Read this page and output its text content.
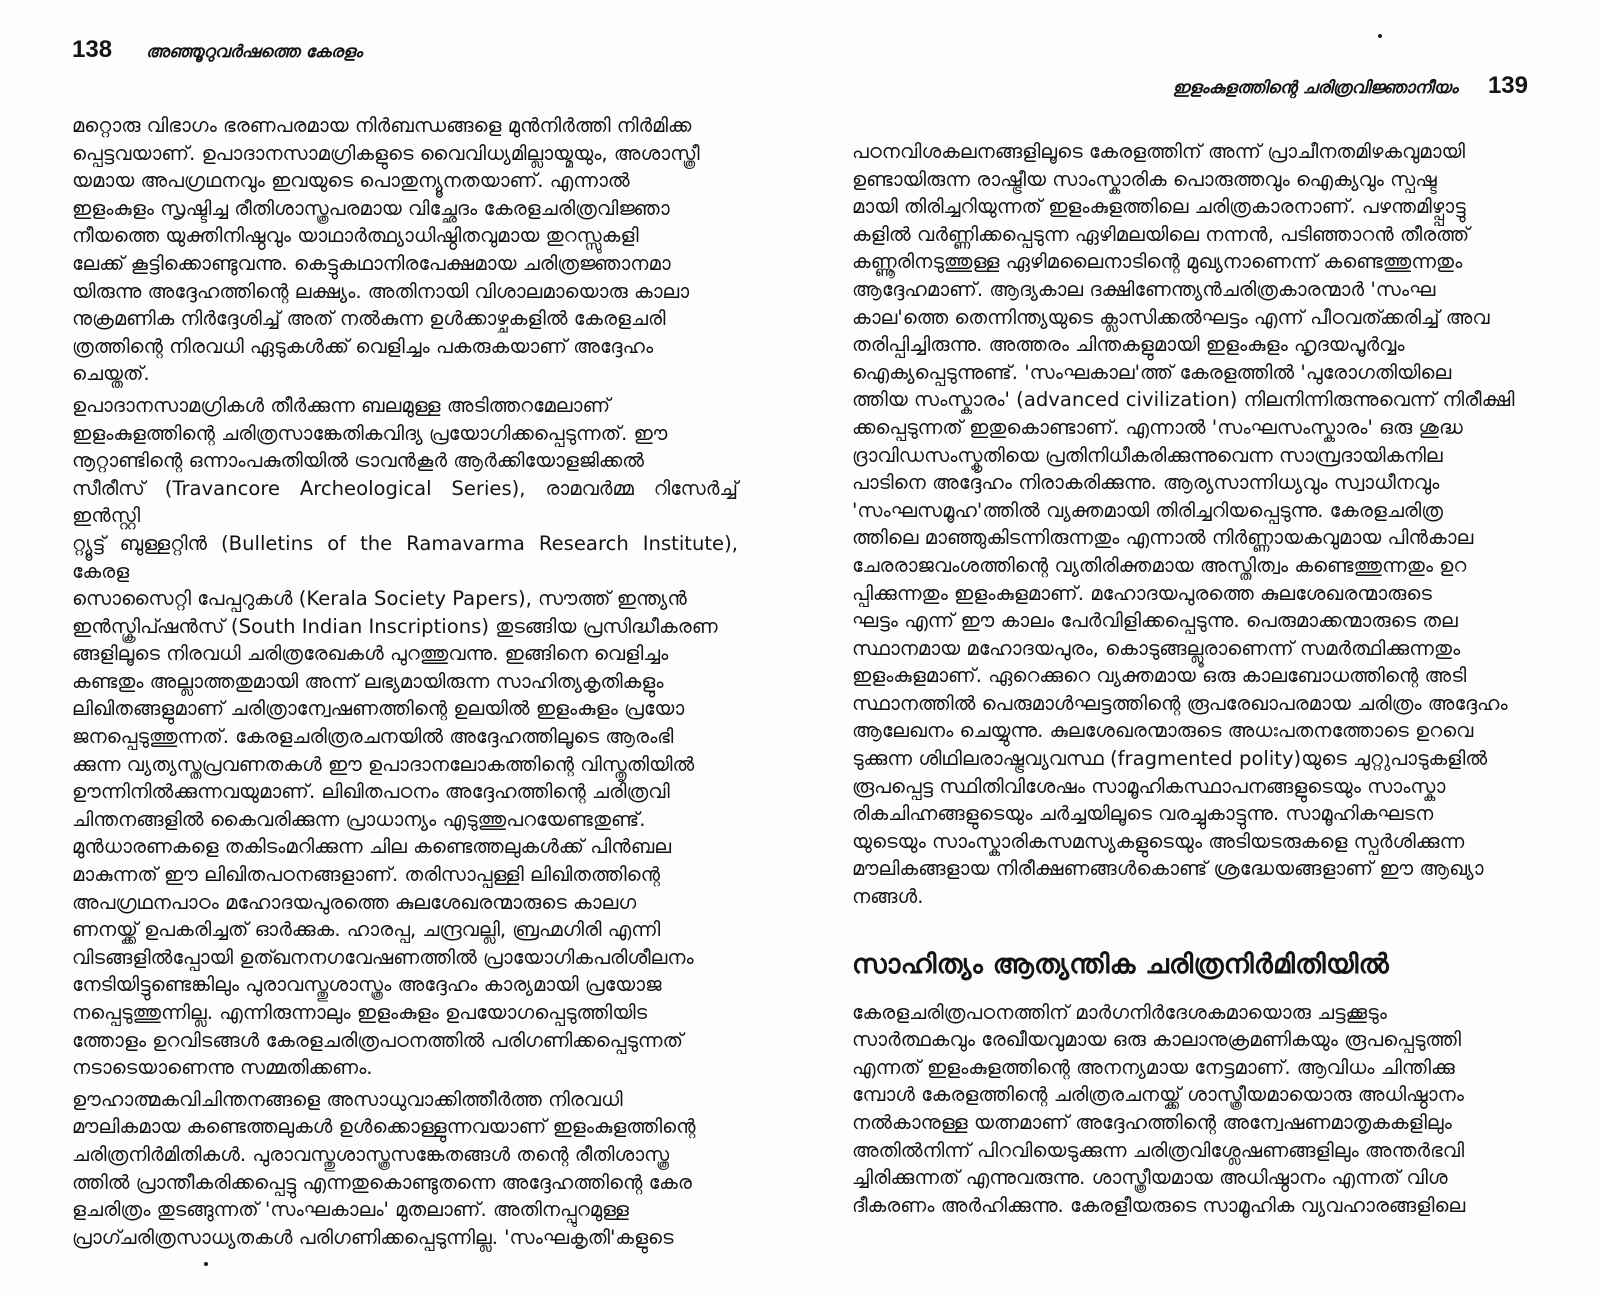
138 അഞ്ഞൂറുവർഷത്തെ കേരളം

മറ്റൊരു വിഭാഗം ഭരണപരമായ നിർബന്ധങ്ങളെ മുൻനിർത്തി നിർമിക്ക
പ്പെട്ടവയാണ്. ഉപാദാനസാമഗ്രികളുടെ വൈവിധ്യമില്ലായ്മയും, അശാസ്ത്രീ
യമായ അപഗ്രഥനവും ഇവയുടെ പൊതുന്യൂനതയാണ്. എന്നാൽ
ഇളംകുളം സൃഷ്ടിച്ച രീതിശാസ്ത്രപരമായ വിച്ഛേദം കേരളചരിത്രവിജ്ഞാ
നീയത്തെ യുക്തിനിഷ്ഠവും യാഥാർത്ഥ്യാധിഷ്ഠിതവുമായ തുറസ്സുകളി
ലേക്ക് കൂട്ടിക്കൊണ്ടുവന്നു. കെട്ടുകഥാനിരപേക്ഷമായ ചരിത്രജ്ഞാനമാ
യിരുന്നു അദ്ദേഹത്തിന്റെ ലക്ഷ്യം. അതിനായി വിശാലമായൊരു കാലാ
നുക്രമണിക നിർദ്ദേശിച്ച് അത് നൽകുന്ന ഉൾക്കാഴ്ചകളിൽ കേരളചരി
ത്രത്തിന്റെ നിരവധി ഏടുകൾക്ക് വെളിച്ചം പകരുകയാണ് അദ്ദേഹം
ചെയ്തത്.

ഉപാദാനസാമഗ്രികൾ തീർക്കുന്ന ബലമുള്ള അടിത്തറമേലാണ്
ഇളംകുളത്തിന്റെ ചരിത്രസാങ്കേതികവിദ്യ പ്രയോഗിക്കപ്പെടുന്നത്. ഈ
നൂറ്റാണ്ടിന്റെ ഒന്നാംപകുതിയിൽ ട്രാവൻകൂർ ആർക്കിയോളജിക്കൽ
സീരീസ് (Travancore Archeological Series), രാമവർമ്മ റിസേർച്ച് ഇൻസ്റ്റി
റ്റ്യൂട്ട് ബുള്ളറ്റിൻ (Bulletins of the Ramavarma Research Institute), കേരള
സൊസൈറ്റി പേപ്പറുകൾ (Kerala Society Papers), സൗത്ത് ഇന്ത്യൻ
ഇൻസ്ക്രിപ്ഷൻസ് (South Indian Inscriptions) തുടങ്ങിയ പ്രസിദ്ധീകരണ
ങ്ങളിലൂടെ നിരവധി ചരിത്രരേഖകൾ പുറത്തുവന്നു. ഇങ്ങിനെ വെളിച്ചം
കണ്ടതും അല്ലാത്തതുമായി അന്ന് ലഭ്യമായിരുന്ന സാഹിത്യകൃതികളും
ലിഖിതങ്ങളുമാണ് ചരിത്രാന്വേഷണത്തിന്റെ ഉലയിൽ ഇളംകുളം പ്രയോ
ജനപ്പെടുത്തുന്നത്. കേരളചരിത്രരചനയിൽ അദ്ദേഹത്തിലൂടെ ആരംഭി
ക്കുന്ന വ്യത്യസ്തപ്രവണതകൾ ഈ ഉപാദാനലോകത്തിന്റെ വിസ്തൃതിയിൽ
ഊന്നിനിൽക്കുന്നവയുമാണ്. ലിഖിതപഠനം അദ്ദേഹത്തിന്റെ ചരിത്രവി
ചിന്തനങ്ങളിൽ കൈവരിക്കുന്ന പ്രാധാന്യം എടുത്തുപറയേണ്ടതുണ്ട്.
മുൻധാരണകളെ തകിടംമറിക്കുന്ന ചില കണ്ടെത്തലുകൾക്ക് പിൻബല
മാകുന്നത് ഈ ലിഖിതപഠനങ്ങളാണ്. തരിസാപ്പള്ളി ലിഖിതത്തിന്റെ
അപഗ്രഥനപാഠം മഹോദയപുരത്തെ കുലശേഖരന്മാരുടെ കാലഗ
ണനയ്ക്ക് ഉപകരിച്ചത് ഓർക്കുക. ഹാരപ്പ, ചന്ദ്രവല്ലി, ബ്രഹ്മഗിരി എന്നി
വിടങ്ങളിൽപ്പോയി ഉത്ഖനനഗവേഷണത്തിൽ പ്രായോഗികപരിശീലനം
നേടിയിട്ടുണ്ടെങ്കിലും പുരാവസ്തുശാസ്ത്രം അദ്ദേഹം കാര്യമായി പ്രയോജ
നപ്പെടുത്തുന്നില്ല. എന്നിരുന്നാലും ഇളംകുളം ഉപയോഗപ്പെടുത്തിയിട
ത്തോളം ഉറവിടങ്ങൾ കേരളചരിത്രപഠനത്തിൽ പരിഗണിക്കപ്പെടുന്നത്
നടാടെയാണെന്നു സമ്മതിക്കണം.

ഊഹാത്മകവിചിന്തനങ്ങളെ അസാധുവാക്കിത്തീർത്ത നിരവധി
മൗലികമായ കണ്ടെത്തലുകൾ ഉൾക്കൊള്ളുന്നവയാണ് ഇളംകുളത്തിന്റെ
ചരിത്രനിർമിതികൾ. പുരാവസ്തുശാസ്ത്രസങ്കേതങ്ങൾ തന്റെ രീതിശാസ്ത്ര
ത്തിൽ പ്രാന്തീകരിക്കപ്പെട്ടു എന്നതുകൊണ്ടുതന്നെ അദ്ദേഹത്തിന്റെ കേര
ളചരിത്രം തുടങ്ങുന്നത് 'സംഘകാലം' മുതലാണ്. അതിനപ്പുറമുള്ള
പ്രാഗ്ചരിത്രസാധ്യതകൾ പരിഗണിക്കപ്പെടുന്നില്ല. 'സംഘകൃതി'കളുടെ

ഇളംകുളത്തിന്റെ ചരിത്രവിജ്ഞാനീയം 139

പഠനവിശകലനങ്ങളിലൂടെ കേരളത്തിന് അന്ന് പ്രാചീനതമിഴകവുമായി
ഉണ്ടായിരുന്ന രാഷ്ട്രീയ സാംസ്കാരിക പൊരുത്തവും ഐക്യവും സ്പഷ്ട
മായി തിരിച്ചറിയുന്നത് ഇളംകുളത്തിലെ ചരിത്രകാരനാണ്. പഴന്തമിഴ്പ്പാട്ടു
കളിൽ വർണ്ണിക്കപ്പെടുന്ന ഏഴിമലയിലെ നന്നൻ, പടിഞ്ഞാറൻ തീരത്ത്
കണ്ണൂരിനടുത്തുള്ള ഏഴിമലൈനാടിന്റെ മുഖ്യനാണെന്ന് കണ്ടെത്തുന്നതും
ആദ്ദേഹമാണ്. ആദ്യകാല ദക്ഷിണേന്ത്യൻചരിത്രകാരന്മാർ 'സംഘ
കാല'ത്തെ തെന്നിന്ത്യയുടെ ക്ലാസിക്കൽഘട്ടം എന്ന് പീഠവത്ക്കരിച്ച് അവ
തരിപ്പിച്ചിരുന്നു. അത്തരം ചിന്തകളുമായി ഇളംകുളം ഹൃദയപൂർവ്വം
ഐക്യപ്പെടുന്നുണ്ട്. 'സംഘകാല'ത്ത് കേരളത്തിൽ 'പുരോഗതിയിലെ
ത്തിയ സംസ്കാരം' (advanced civilization) നിലനിന്നിരുന്നുവെന്ന് നിരീക്ഷി
ക്കപ്പെടുന്നത് ഇതുകൊണ്ടാണ്. എന്നാൽ 'സംഘസംസ്കാരം' ഒരു ശുദ്ധ
ദ്രാവിഡസംസ്കൃതിയെ പ്രതിനിധീകരിക്കുന്നുവെന്ന സാമ്പ്രദായികനില
പാടിനെ അദ്ദേഹം നിരാകരിക്കുന്നു. ആര്യസാന്നിധ്യവും സ്വാധീനവും
'സംഘസമൂഹ'ത്തിൽ വ്യക്തമായി തിരിച്ചറിയപ്പെടുന്നു. കേരളചരിത്ര
ത്തിലെ മാഞ്ഞുകിടന്നിരുന്നതും എന്നാൽ നിർണ്ണായകവുമായ പിൻകാല
ചേരരാജവംശത്തിന്റെ വ്യതിരിക്തമായ അസ്തിത്വം കണ്ടെത്തുന്നതും ഉറ
പ്പിക്കുന്നതും ഇളംകുളമാണ്. മഹോദയപുരത്തെ കുലശേഖരന്മാരുടെ
ഘട്ടം എന്ന് ഈ കാലം പേർവിളിക്കപ്പെടുന്നു. പെരുമാക്കന്മാരുടെ തല
സ്ഥാനമായ മഹോദയപുരം, കൊടുങ്ങല്ലൂരാണെന്ന് സമർത്ഥിക്കുന്നതും
ഇളംകുളമാണ്. ഏറെക്കുറെ വ്യക്തമായ ഒരു കാലബോധത്തിന്റെ അടി
സ്ഥാനത്തിൽ പെരുമാൾഘട്ടത്തിന്റെ രൂപരേഖാപരമായ ചരിത്രം അദ്ദേഹം
ആലേഖനം ചെയ്യുന്നു. കുലശേഖരന്മാരുടെ അധഃപതനത്തോടെ ഉറവെ
ടുക്കുന്ന ശിഥിലരാഷ്ട്രവ്യവസ്ഥ (fragmented polity)യുടെ ചുറ്റുപാടുകളിൽ
രൂപപ്പെട്ട സ്ഥിതിവിശേഷം സാമൂഹികസ്ഥാപനങ്ങളുടെയും സാംസ്കാ
രികചിഹ്നങ്ങളുടെയും ചർച്ചയിലൂടെ വരച്ചുകാട്ടുന്നു. സാമൂഹികഘടന
യുടെയും സാംസ്കാരികസമസ്യകളുടെയും അടിയടരുകളെ സ്പർശിക്കുന്ന
മൗലികങ്ങളായ നിരീക്ഷണങ്ങൾകൊണ്ട് ശ്രദ്ധേയങ്ങളാണ് ഈ ആഖ്യാ
നങ്ങൾ.

സാഹിത്യം ആത്യന്തിക ചരിത്രനിർമിതിയിൽ

കേരളചരിത്രപഠനത്തിന് മാർഗനിർദേശകമായൊരു ചട്ടക്കൂടും
സാർത്ഥകവും രേഖീയവുമായ ഒരു കാലാനുക്രമണികയും രൂപപ്പെടുത്തി
എന്നത് ഇളംകുളത്തിന്റെ അനന്യമായ നേട്ടമാണ്. ആവിധം ചിന്തിക്കു
മ്പോൾ കേരളത്തിന്റെ ചരിത്രരചനയ്ക്ക് ശാസ്ത്രീയമായൊരു അധിഷ്ഠാനം
നൽകാനുള്ള യത്നമാണ് അദ്ദേഹത്തിന്റെ അന്വേഷണമാതൃകകളിലും
അതിൽനിന്ന് പിറവിയെടുക്കുന്ന ചരിത്രവിശ്ലേഷണങ്ങളിലും അന്തർഭവി
ച്ചിരിക്കുന്നത് എന്നുവരുന്നു. ശാസ്ത്രീയമായ അധിഷ്ഠാനം എന്നത് വിശ
ദീകരണം അർഹിക്കുന്നു. കേരളീയരുടെ സാമൂഹിക വ്യവഹാരങ്ങളിലെ
